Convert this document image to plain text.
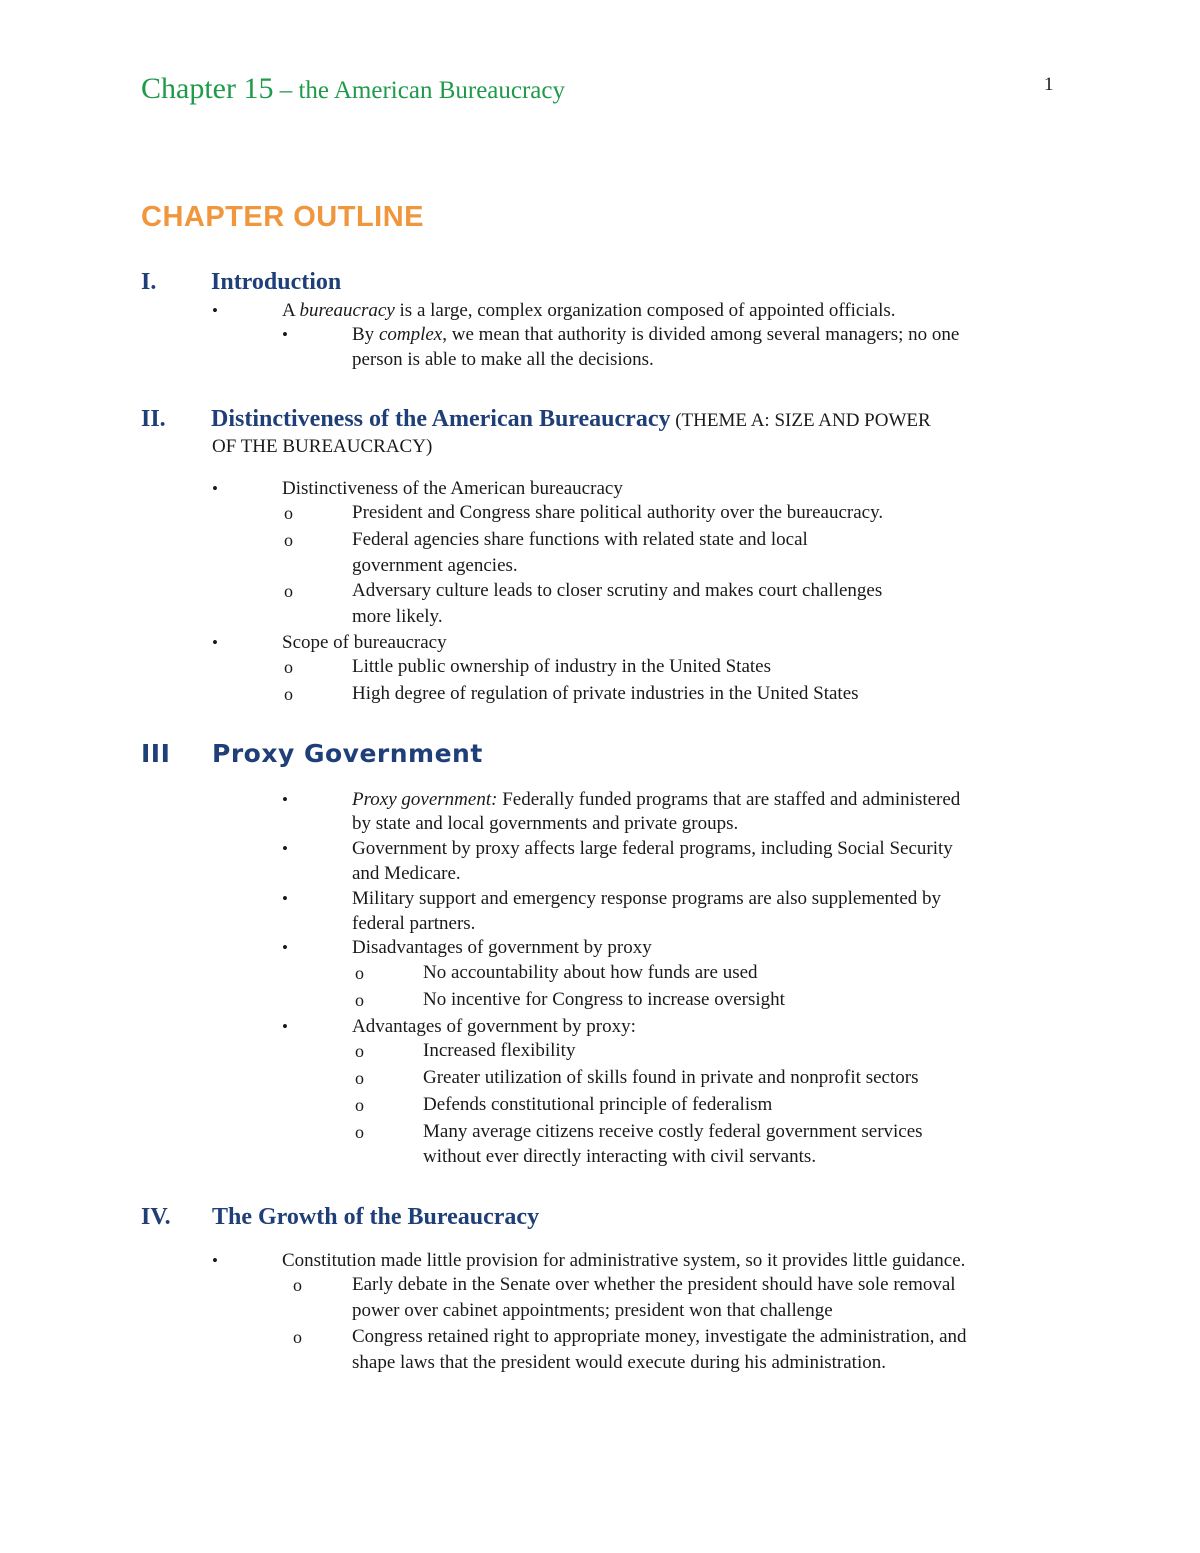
Chapter 15 – the American Bureaucracy	1
CHAPTER OUTLINE
I. Introduction
•	A bureaucracy is a large, complex organization composed of appointed officials.
•	By complex, we mean that authority is divided among several managers; no one
person is able to make all the decisions.
II. Distinctiveness of the American Bureaucracy (THEME A: SIZE AND POWER
OF THE BUREAUCRACY)
•	Distinctiveness of the American bureaucracy
o	President and Congress share political authority over the bureaucracy.
o	Federal agencies share functions with related state and local
government agencies.
o	Adversary culture leads to closer scrutiny and makes court challenges
more likely.
•	Scope of bureaucracy
o	Little public ownership of industry in the United States
o	High degree of regulation of private industries in the United States
III Proxy Government
•	Proxy government: Federally funded programs that are staffed and administered
by state and local governments and private groups.
•	Government by proxy affects large federal programs, including Social Security
and Medicare.
•	Military support and emergency response programs are also supplemented by
federal partners.
•	Disadvantages of government by proxy
o	No accountability about how funds are used
o	No incentive for Congress to increase oversight
•	Advantages of government by proxy:
o	Increased flexibility
o	Greater utilization of skills found in private and nonprofit sectors
o	Defends constitutional principle of federalism
o	Many average citizens receive costly federal government services
without ever directly interacting with civil servants.
IV. The Growth of the Bureaucracy
•	Constitution made little provision for administrative system, so it provides little guidance.
o	Early debate in the Senate over whether the president should have sole removal
power over cabinet appointments; president won that challenge
o	Congress retained right to appropriate money, investigate the administration, and
shape laws that the president would execute during his administration.
